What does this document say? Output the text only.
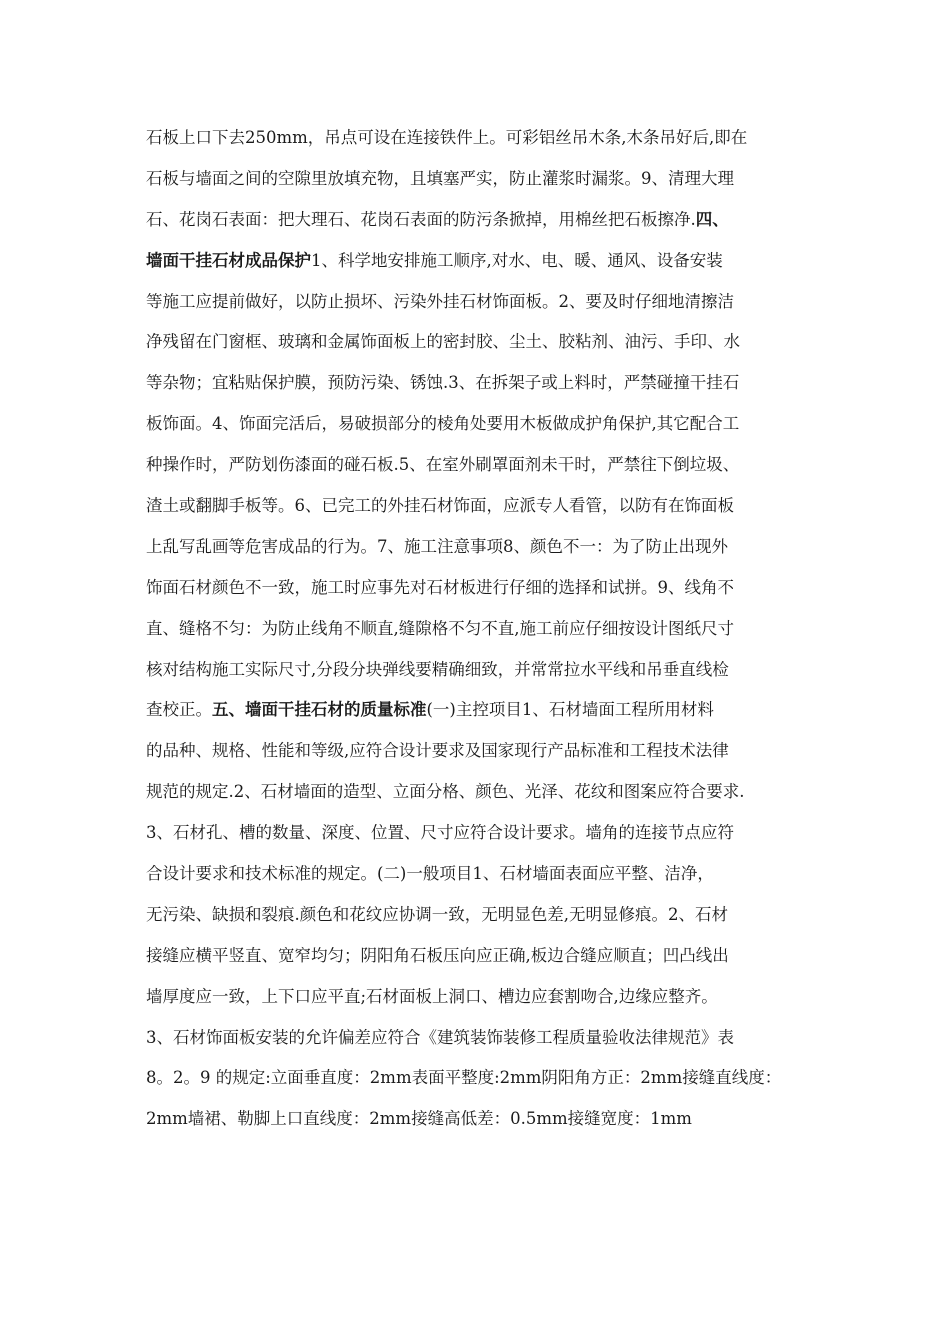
石板上口下去250mm，吊点可设在连接铁件上。可彩铝丝吊木条,木条吊好后,即在
石板与墙面之间的空隙里放填充物，且填塞严实，防止灌浆时漏浆。9、清理大理
石、花岗石表面：把大理石、花岗石表面的防污条掀掉，用棉丝把石板擦净.四、
墙面干挂石材成品保护1、科学地安排施工顺序,对水、电、暖、通风、设备安装
等施工应提前做好，以防止损坏、污染外挂石材饰面板。2、要及时仔细地清擦洁
净残留在门窗框、玻璃和金属饰面板上的密封胶、尘土、胶粘剂、油污、手印、水
等杂物；宜粘贴保护膜，预防污染、锈蚀.3、在拆架子或上料时，严禁碰撞干挂石
板饰面。4、饰面完活后，易破损部分的棱角处要用木板做成护角保护,其它配合工
种操作时，严防划伤漆面的碰石板.5、在室外刷罩面剂未干时，严禁往下倒垃圾、
渣土或翻脚手板等。6、已完工的外挂石材饰面，应派专人看管，以防有在饰面板
上乱写乱画等危害成品的行为。7、施工注意事项8、颜色不一：为了防止出现外
饰面石材颜色不一致，施工时应事先对石材板进行仔细的选择和试拼。9、线角不
直、缝格不匀：为防止线角不顺直,缝隙格不匀不直,施工前应仔细按设计图纸尺寸
核对结构施工实际尺寸,分段分块弹线要精确细致，并常常拉水平线和吊垂直线检
查校正。五、墙面干挂石材的质量标准(一)主控项目1、石材墙面工程所用材料
的品种、规格、性能和等级,应符合设计要求及国家现行产品标准和工程技术法律
规范的规定.2、石材墙面的造型、立面分格、颜色、光泽、花纹和图案应符合要求.
3、石材孔、槽的数量、深度、位置、尺寸应符合设计要求。墙角的连接节点应符
合设计要求和技术标准的规定。(二)一般项目1、石材墙面表面应平整、洁净，
无污染、缺损和裂痕.颜色和花纹应协调一致，无明显色差,无明显修痕。2、石材
接缝应横平竖直、宽窄均匀；阴阳角石板压向应正确,板边合缝应顺直；凹凸线出
墙厚度应一致，上下口应平直;石材面板上洞口、槽边应套割吻合,边缘应整齐。
3、石材饰面板安装的允许偏差应符合《建筑装饰装修工程质量验收法律规范》表
8。2。9 的规定:立面垂直度：2mm表面平整度:2mm阴阳角方正：2mm接缝直线度：
2mm墙裙、勒脚上口直线度：2mm接缝高低差：0.5mm接缝宽度：1mm
